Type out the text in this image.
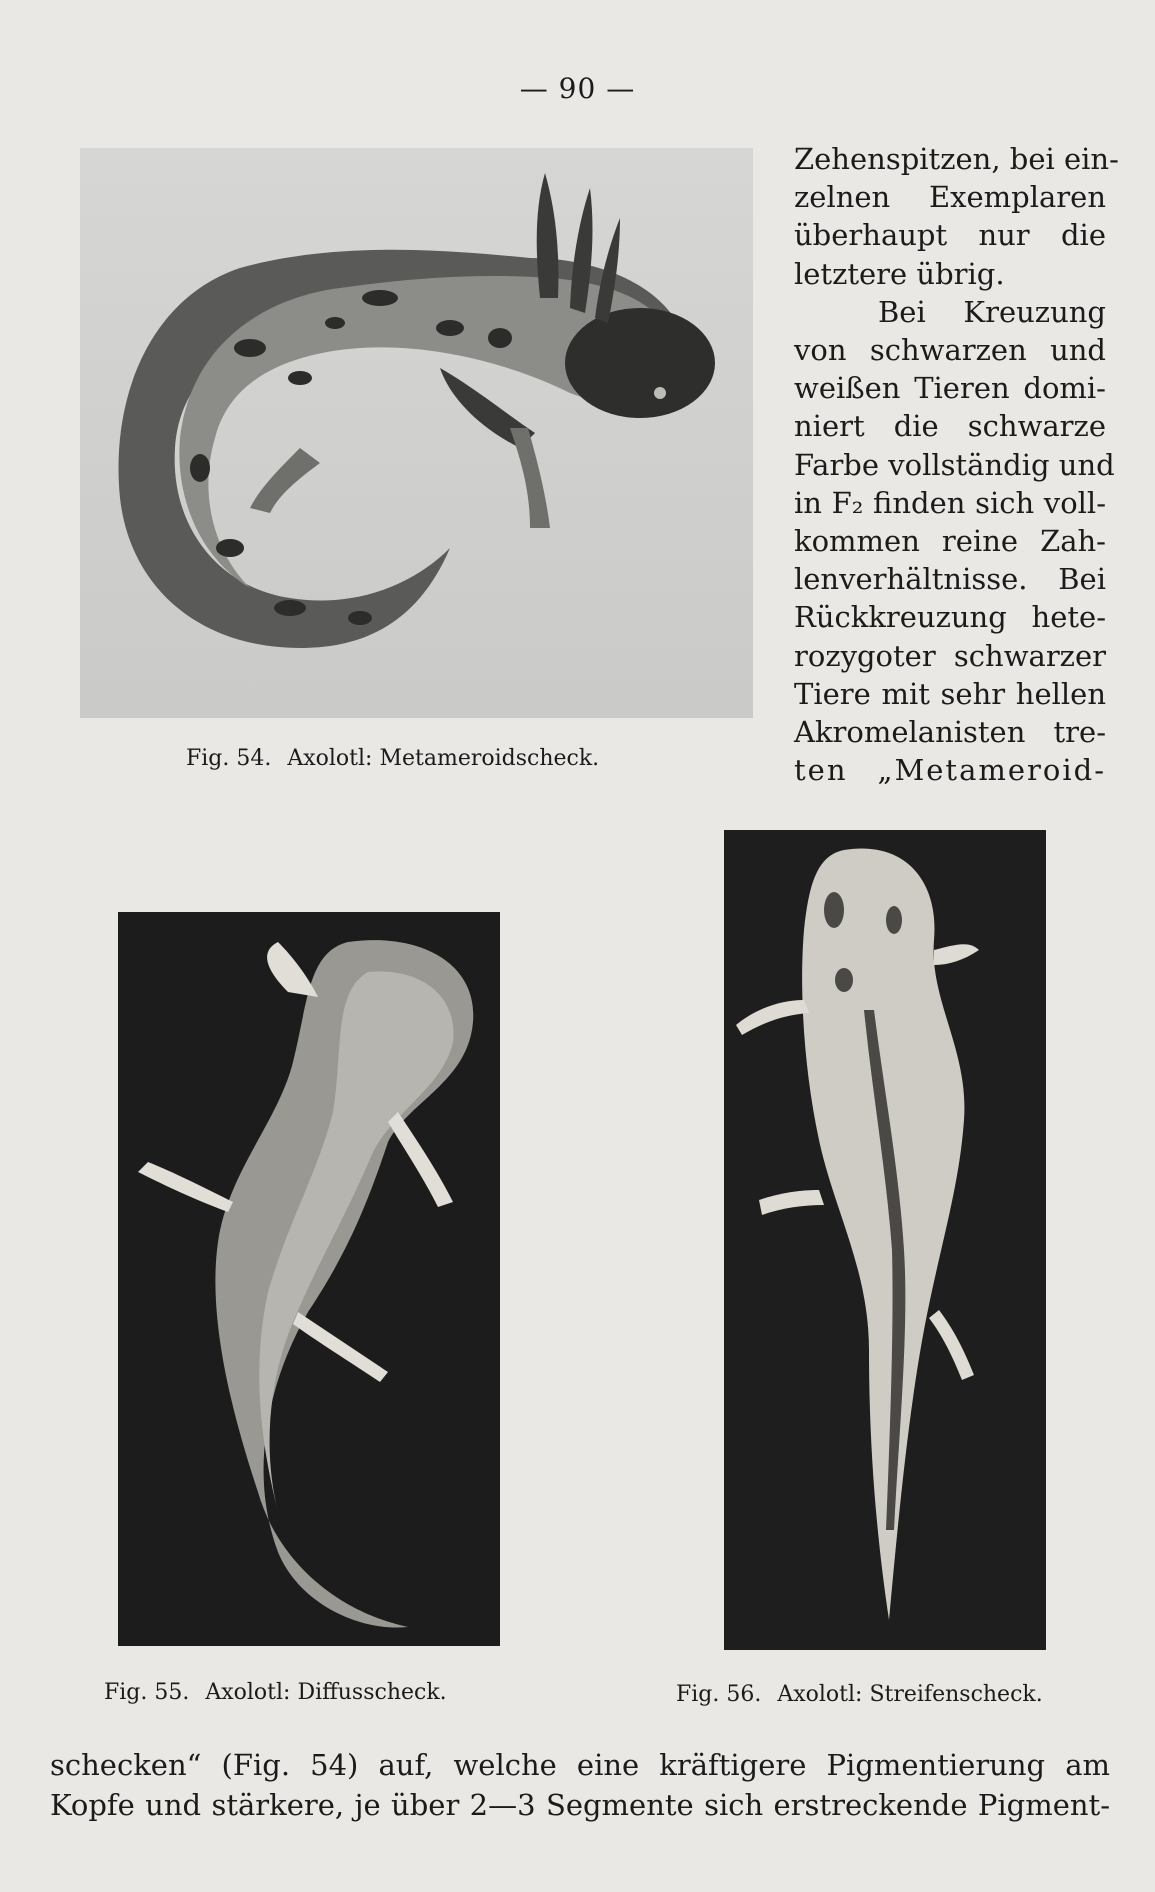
— 90 —
Fig. 54. Axolotl: Metameroidscheck.
Zehenspitzen, bei ein-
zelnen Exemplaren
überhaupt nur die
letztere übrig.
Bei Kreuzung
von schwarzen und
weißen Tieren domi-
niert die schwarze
Farbe vollständig und
in F₂ finden sich voll-
kommen reine Zah-
lenverhältnisse. Bei
Rückkreuzung hete-
rozygoter schwarzer
Tiere mit sehr hellen
Akromelanisten tre-
ten „Metameroid-
Fig. 55. Axolotl: Diffusscheck.	Fig. 56. Axolotl: Streifenscheck.
schecken“ (Fig. 54) auf, welche eine kräftigere Pigmentierung am
Kopfe und stärkere, je über 2—3 Segmente sich erstreckende Pigment-
